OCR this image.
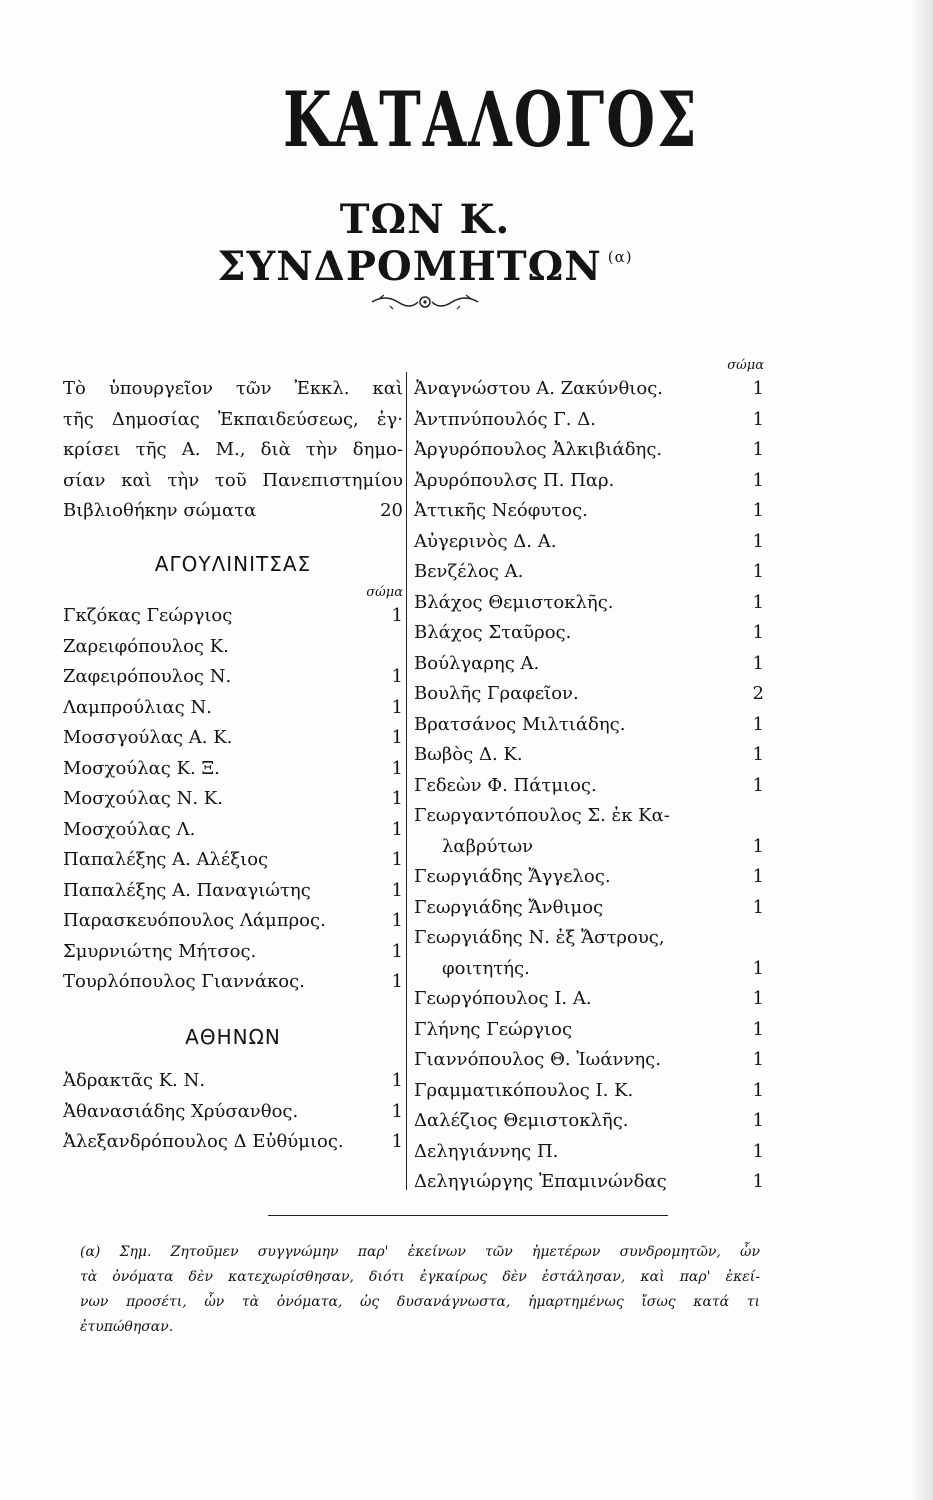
ΚΑΤΑΛΟΓΟΣ
ΤΩΝ Κ. ΣΥΝΔΡΟΜΗΤΩΝ $^{(\alpha)}$
Τὸ ὑπουργεῖον τῶν Ἐκκλ. καὶ
τῆς Δημοσίας Ἐκπαιδεύσεως, ἐγ·
κρίσει τῆς Α. Μ., διὰ τὴν δημο-
σίαν καὶ τὴν τοῦ Πανεπιστημίου
Βιβλιοθήκην σώματα	20
ΑΓΟΥΛΙΝΙΤΣΑΣ
σώμα
Γκζόκας Γεώργιος	1
Ζαρειφόπουλος Κ.
Ζαφειρόπουλος Ν.	1
Λαμπρούλιας Ν.	1
Μοσσγούλας Α. Κ.	1
Μοσχούλας Κ. Ξ.	1
Μοσχούλας Ν. Κ.	1
Μοσχούλας Λ.	1
Παπαλέξης Α. Αλέξιος	1
Παπαλέξης Α. Παναγιώτης	1
Παρασκευόπουλος Λάμπρος.	1
Σμυρνιώτης Μήτσος.	1
Τουρλόπουλος Γιαννάκος.	1
ΑΘΗΝΩΝ
Ἀδρακτᾶς Κ. Ν.	1
Ἀθανασιάδης Χρύσανθος.	1
Ἀλεξανδρόπουλος Δ Εὐθύμιος.	1
σώμα
Ἀναγνώστου Α. Ζακύνθιος.	1
Ἀντπνύπουλός Γ. Δ.	1
Ἀργυρόπουλος Ἀλκιβιάδης.	1
Ἀρυρόπουλσς Π. Παρ.	1
Ἀττικῆς Νεόφυτος.	1
Αὐγερινὸς Δ. Α.	1
Βενζέλος Α.	1
Βλάχος Θεμιστοκλῆς.	1
Βλάχος Σταῦρος.	1
Βούλγαρης Α.	1
Βουλῆς Γραφεῖον.	2
Βρατσάνος Μιλτιάδης.	1
Βωβὸς Δ. Κ.	1
Γεδεὼν Φ. Πάτμιος.	1
Γεωργαντόπουλος Σ. ἐκ Κα-
λαβρύτων	1
Γεωργιάδης Ἄγγελος.	1
Γεωργιάδης Ἄνθιμος	1
Γεωργιάδης Ν. ἐξ Ἄστρους,
φοιτητής.	1
Γεωργόπουλος Ι. Α.	1
Γλήνης Γεώργιος	1
Γιαννόπουλος Θ. Ἰωάννης.	1
Γραμματικόπουλος Ι. Κ.	1
Δαλέζιος Θεμιστοκλῆς.	1
Δεληγιάννης Π.	1
Δεληγιώργης Ἐπαμινώνδας	1
(α) Σημ. Ζητοῦμεν συγγνώμην παρ' ἐκείνων τῶν ἡμετέρων συνδρομητῶν, ὧν
τὰ ὀνόματα δὲν κατεχωρίσθησαν, διότι ἐγκαίρως δὲν ἐστάλησαν, καὶ παρ' ἐκεί-
νων προσέτι, ὧν τὰ ὀνόματα, ὡς δυσανάγνωστα, ἡμαρτημένως ἴσως κατά τι
ἐτυπώθησαν.
